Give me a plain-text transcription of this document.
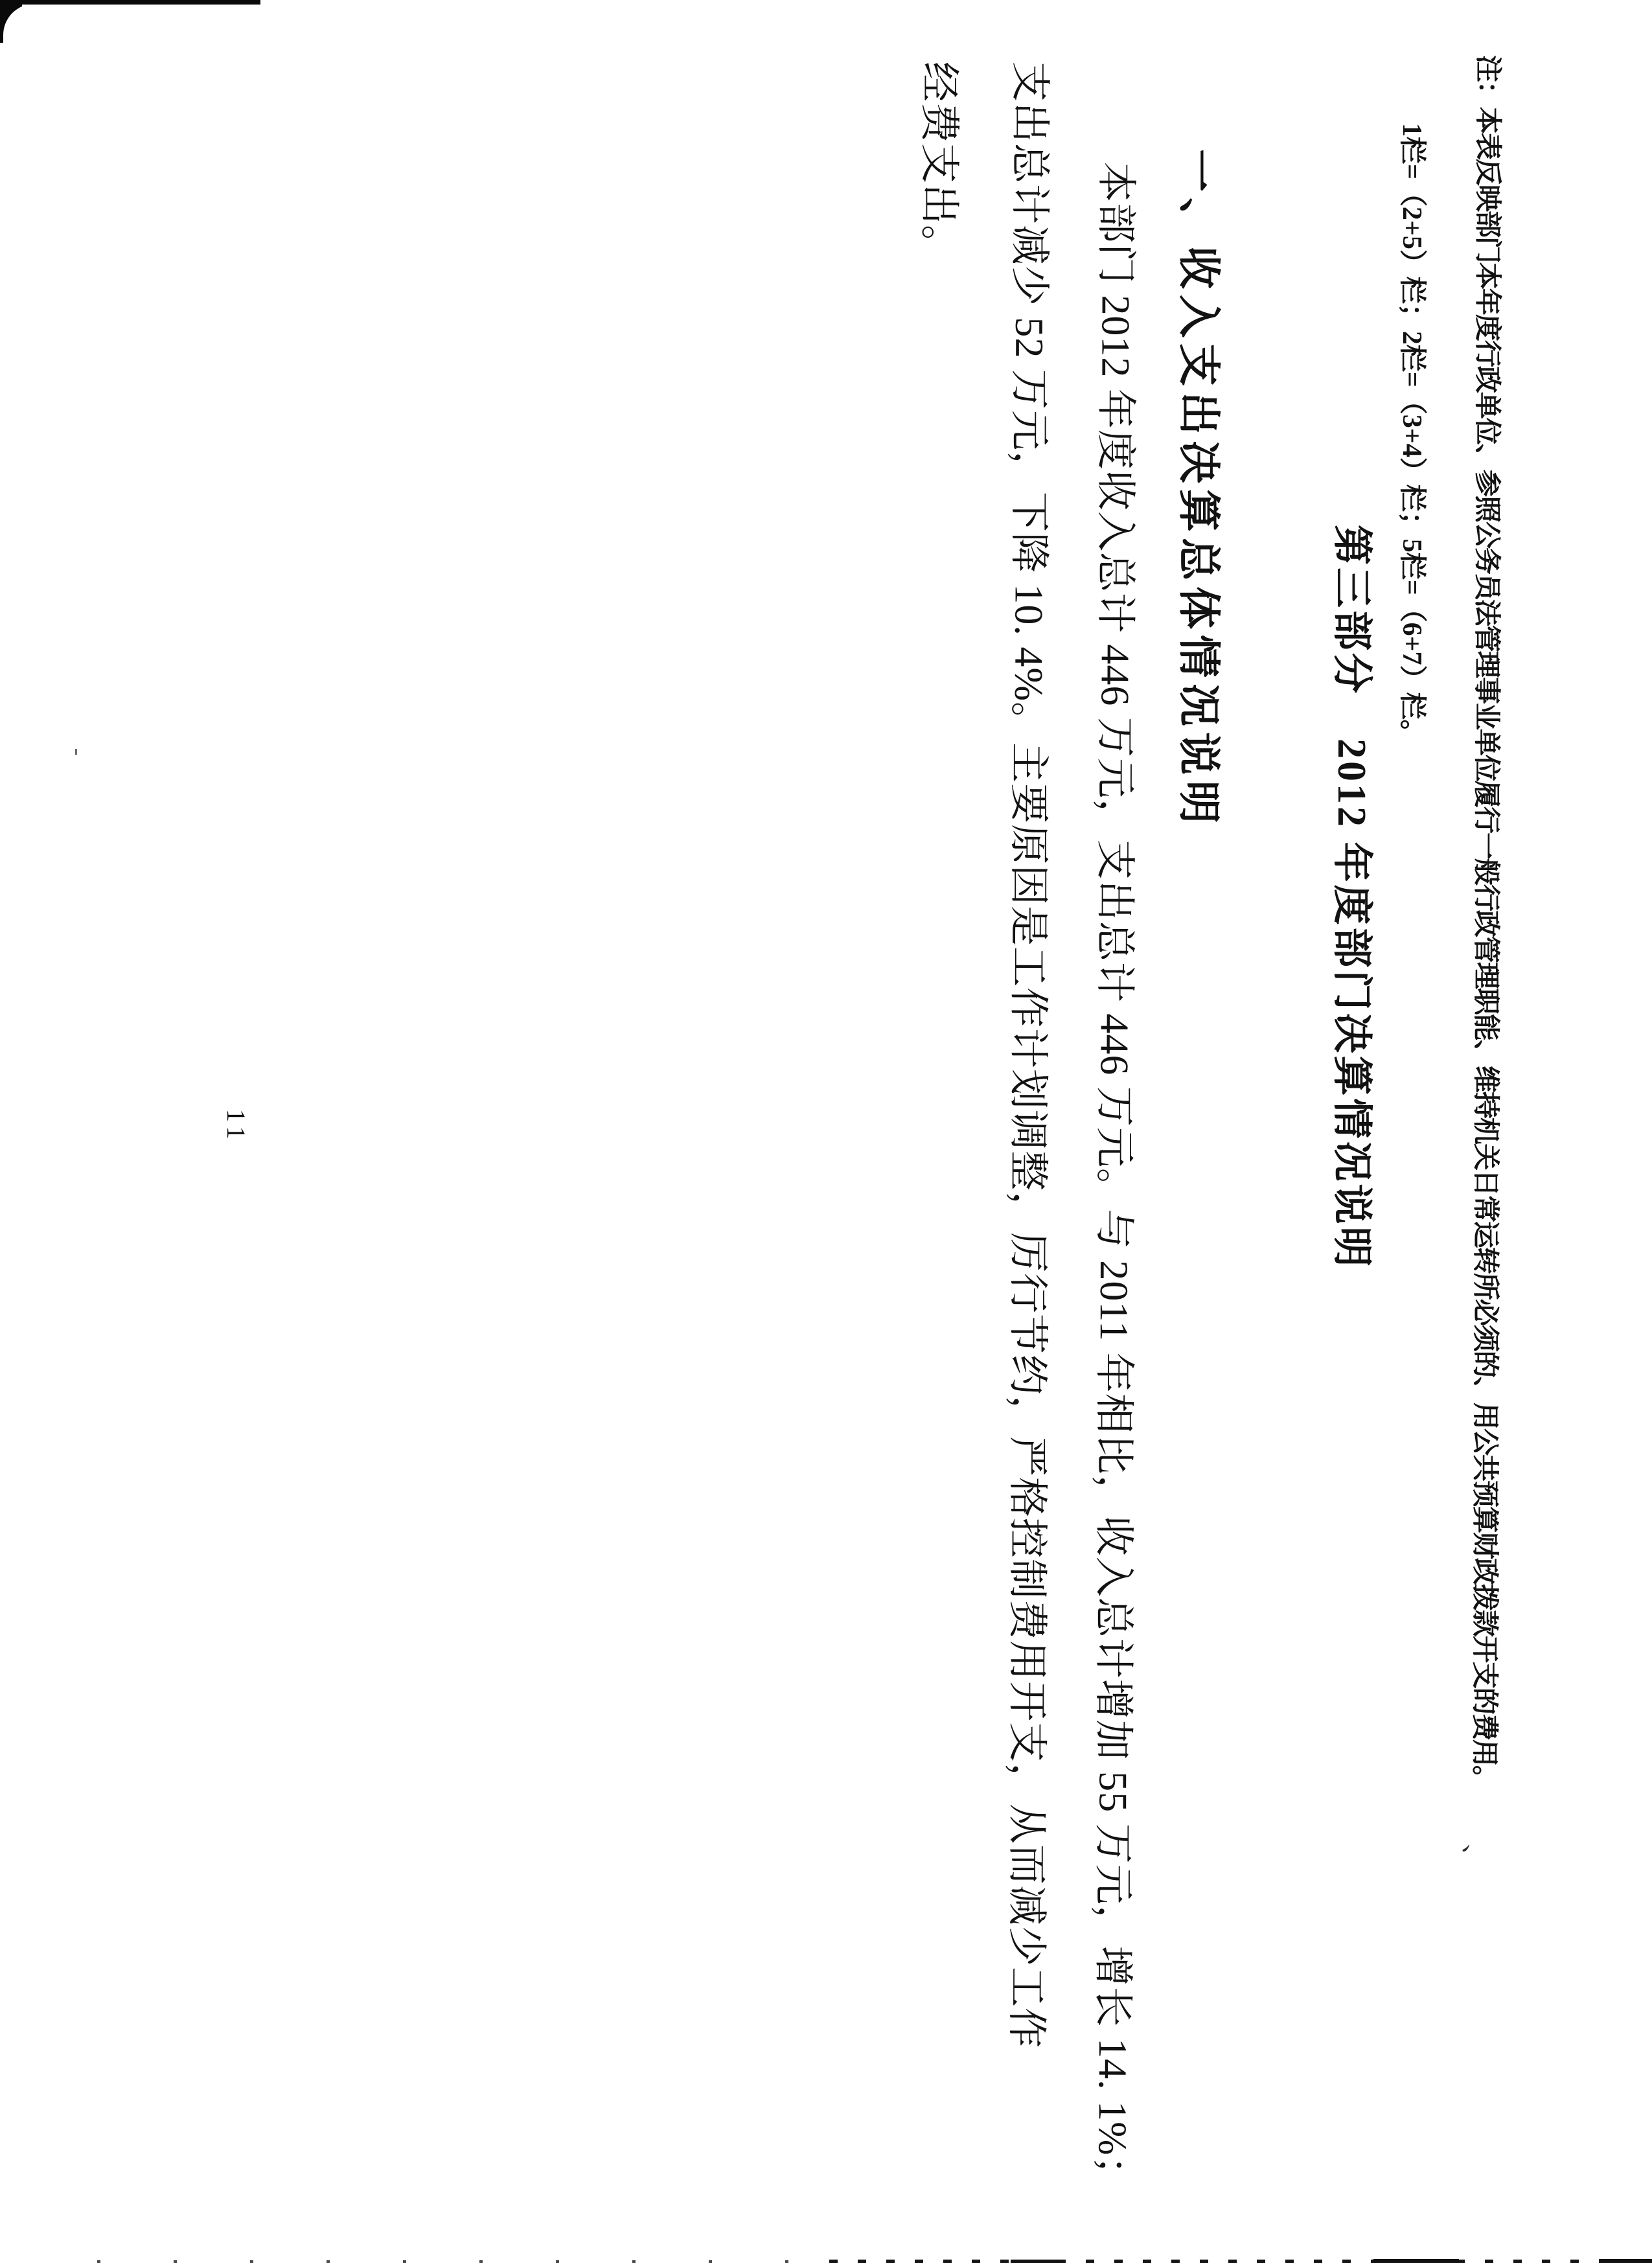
注：本表反映部门本年度行政单位、参照公务员法管理事业单位履行一般行政管理职能、维持机关日常运转所必须的、用公共预算财政拨款开支的费用。
1栏=（2+5）栏；2栏=（3+4）栏；5栏=（6+7）栏。
第三部分　2012 年度部门决算情况说明
一、收入支出决算总体情况说明
本部门 2012 年度收入总计 446 万元，支出总计 446 万元。与 2011 年相比，收入总计增加 55 万元，增长 14. 1%；
支出总计减少 52 万元，下降 10. 4%。主要原因是工作计划调整，厉行节约，严格控制费用开支，从而减少工作
经费支出。
11
、
